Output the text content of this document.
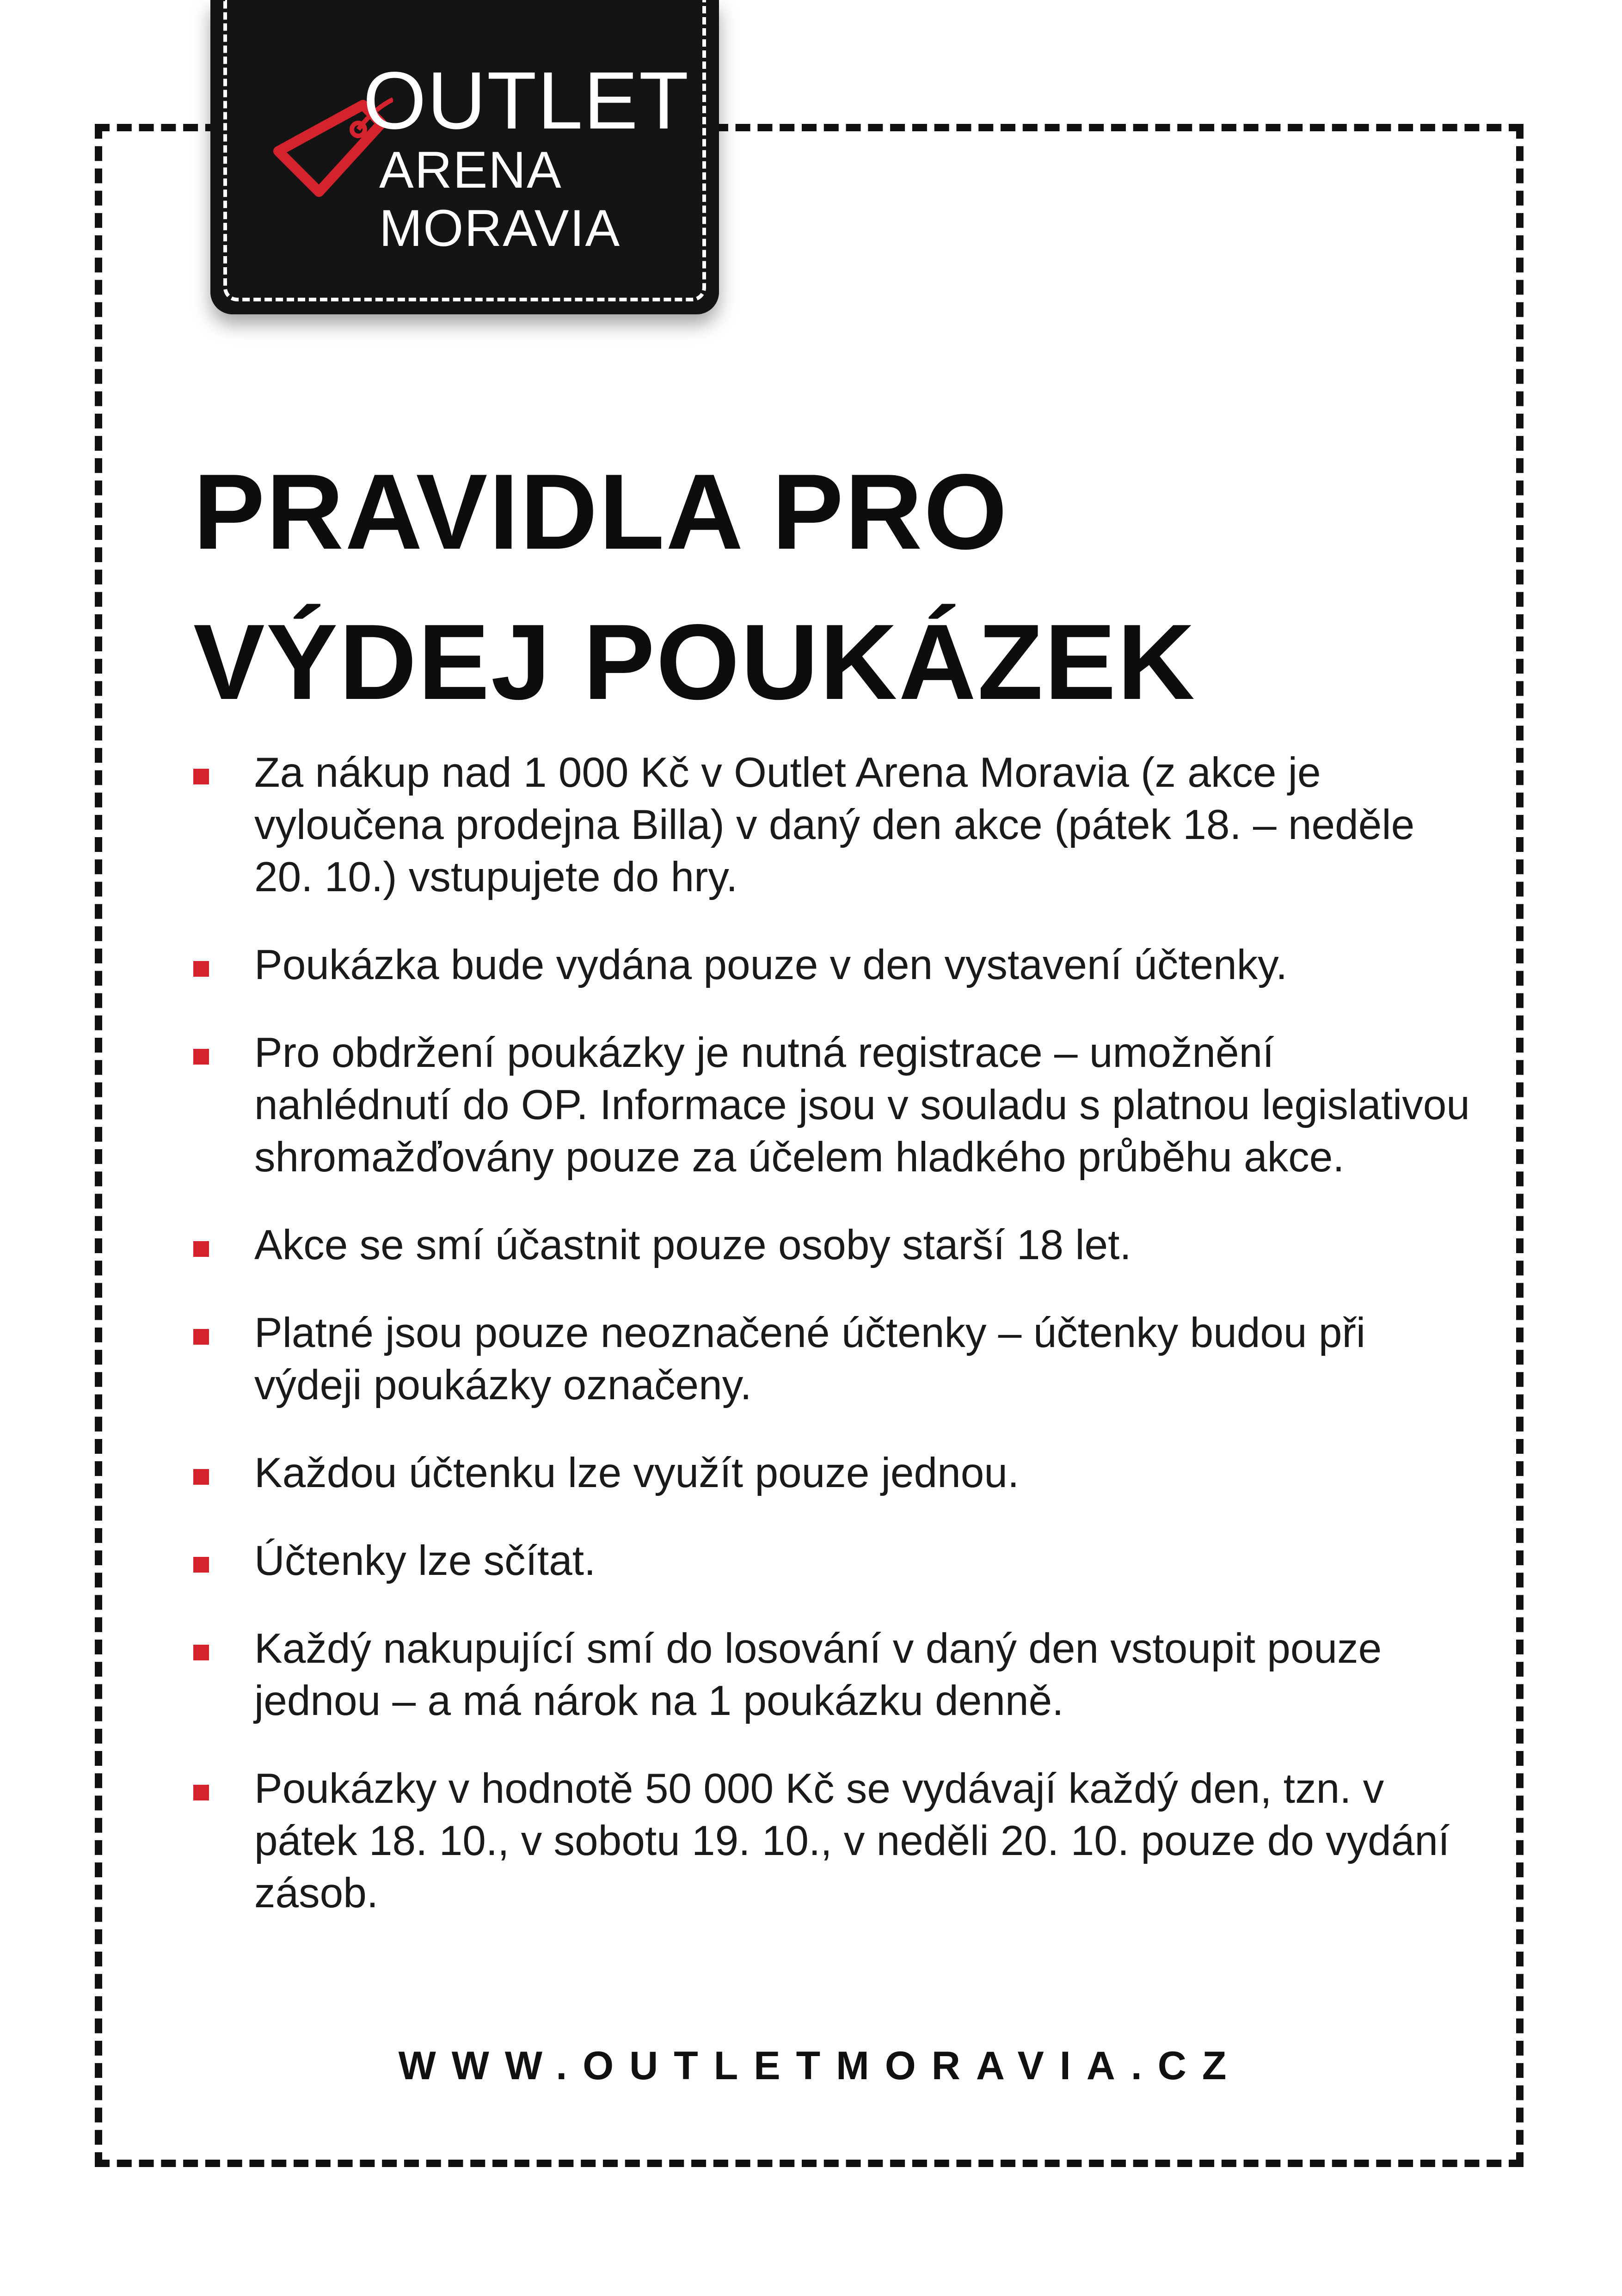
OUTLET
ARENA
MORAVIA
PRAVIDLA PRO
VÝDEJ POUKÁZEK
Za nákup nad 1 000 Kč v Outlet Arena Moravia (z akce je vyloučena prodejna Billa) v daný den akce (pátek 18. – neděle 20. 10.) vstupujete do hry.
Poukázka bude vydána pouze v den vystavení účtenky.
Pro obdržení poukázky je nutná registrace – umožnění nahlédnutí do OP. Informace jsou v souladu s platnou legislativou shromažďovány pouze za účelem hladkého průběhu akce.
Akce se smí účastnit pouze osoby starší 18 let.
Platné jsou pouze neoznačené účtenky – účtenky budou při výdeji poukázky označeny.
Každou účtenku lze využít pouze jednou.
Účtenky lze sčítat.
Každý nakupující smí do losování v daný den vstoupit pouze jednou – a má nárok na 1 poukázku denně.
Poukázky v hodnotě 50 000 Kč se vydávají každý den, tzn. v pátek 18. 10., v sobotu 19. 10., v neděli 20. 10. pouze do vydání zásob.
WWW.OUTLETMORAVIA.CZ
